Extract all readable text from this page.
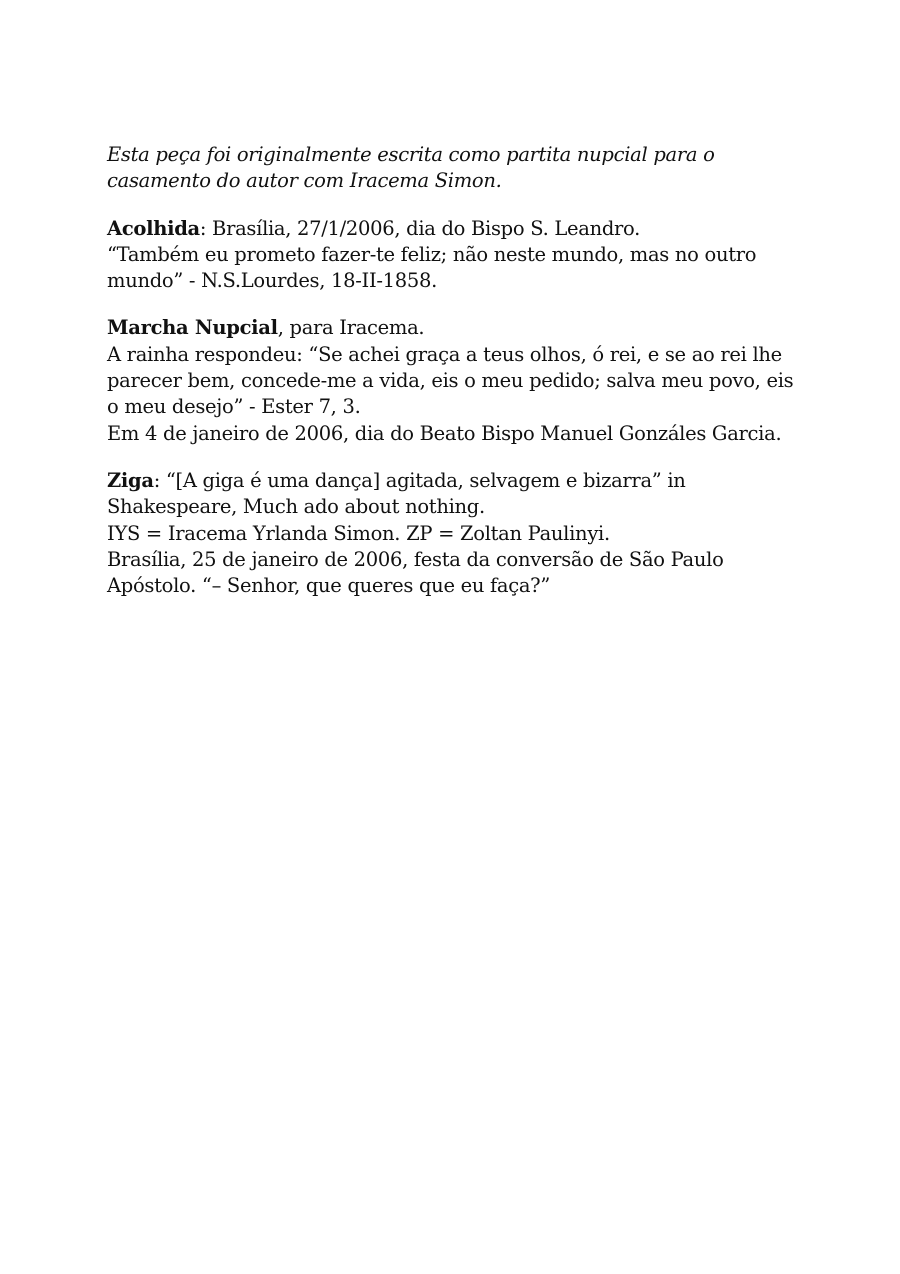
Esta peça foi originalmente escrita como partita nupcial para o
casamento do autor com Iracema Simon.

Acolhida: Brasília, 27/1/2006, dia do Bispo S. Leandro.
“Também eu prometo fazer-te feliz; não neste mundo, mas no outro
mundo” - N.S.Lourdes, 18-II-1858.

Marcha Nupcial, para Iracema.
A rainha respondeu: “Se achei graça a teus olhos, ó rei, e se ao rei lhe
parecer bem, concede-me a vida, eis o meu pedido; salva meu povo, eis
o meu desejo” - Ester 7, 3.
Em 4 de janeiro de 2006, dia do Beato Bispo Manuel Gonzáles Garcia.

Ziga: “[A giga é uma dança] agitada, selvagem e bizarra” in
Shakespeare, Much ado about nothing.
IYS = Iracema Yrlanda Simon. ZP = Zoltan Paulinyi.
Brasília, 25 de janeiro de 2006, festa da conversão de São Paulo
Apóstolo. “– Senhor, que queres que eu faça?”
